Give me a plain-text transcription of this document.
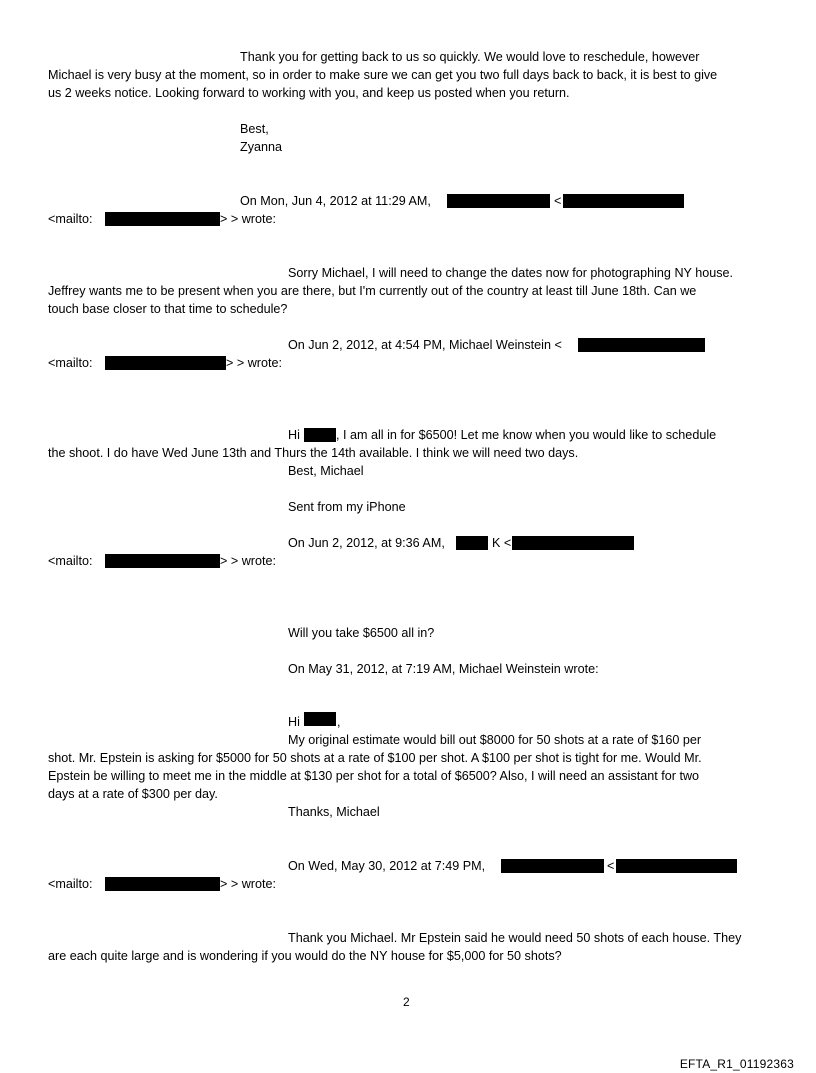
Thank you for getting back to us so quickly. We would love to reschedule, however
Michael is very busy at the moment, so in order to make sure we can get you two full days back to back, it is best to give
us 2 weeks notice. Looking forward to working with you, and keep us posted when you return.
Best,
Zyanna
On Mon, Jun 4, 2012 at 11:29 AM,	<
<mailto:	> > wrote:
Sorry Michael, I will need to change the dates now for photographing NY house.
Jeffrey wants me to be present when you are there, but I'm currently out of the country at least till June 18th. Can we
touch base closer to that time to schedule?
On Jun 2, 2012, at 4:54 PM, Michael Weinstein <
<mailto:	> > wrote:
Hi	, I am all in for $6500! Let me know when you would like to schedule
the shoot. I do have Wed June 13th and Thurs the 14th available. I think we will need two days.
Best, Michael
Sent from my iPhone
On Jun 2, 2012, at 9:36 AM,	K <
<mailto:	> > wrote:
Will you take $6500 all in?
On May 31, 2012, at 7:19 AM, Michael Weinstein wrote:
Hi	,
My original estimate would bill out $8000 for 50 shots at a rate of $160 per
shot. Mr. Epstein is asking for $5000 for 50 shots at a rate of $100 per shot. A $100 per shot is tight for me. Would Mr.
Epstein be willing to meet me in the middle at $130 per shot for a total of $6500? Also, I will need an assistant for two
days at a rate of $300 per day.
Thanks, Michael
On Wed, May 30, 2012 at 7:49 PM,	<
<mailto:	> > wrote:
Thank you Michael. Mr Epstein said he would need 50 shots of each house. They
are each quite large and is wondering if you would do the NY house for $5,000 for 50 shots?
2
EFTA_R1_01192363
